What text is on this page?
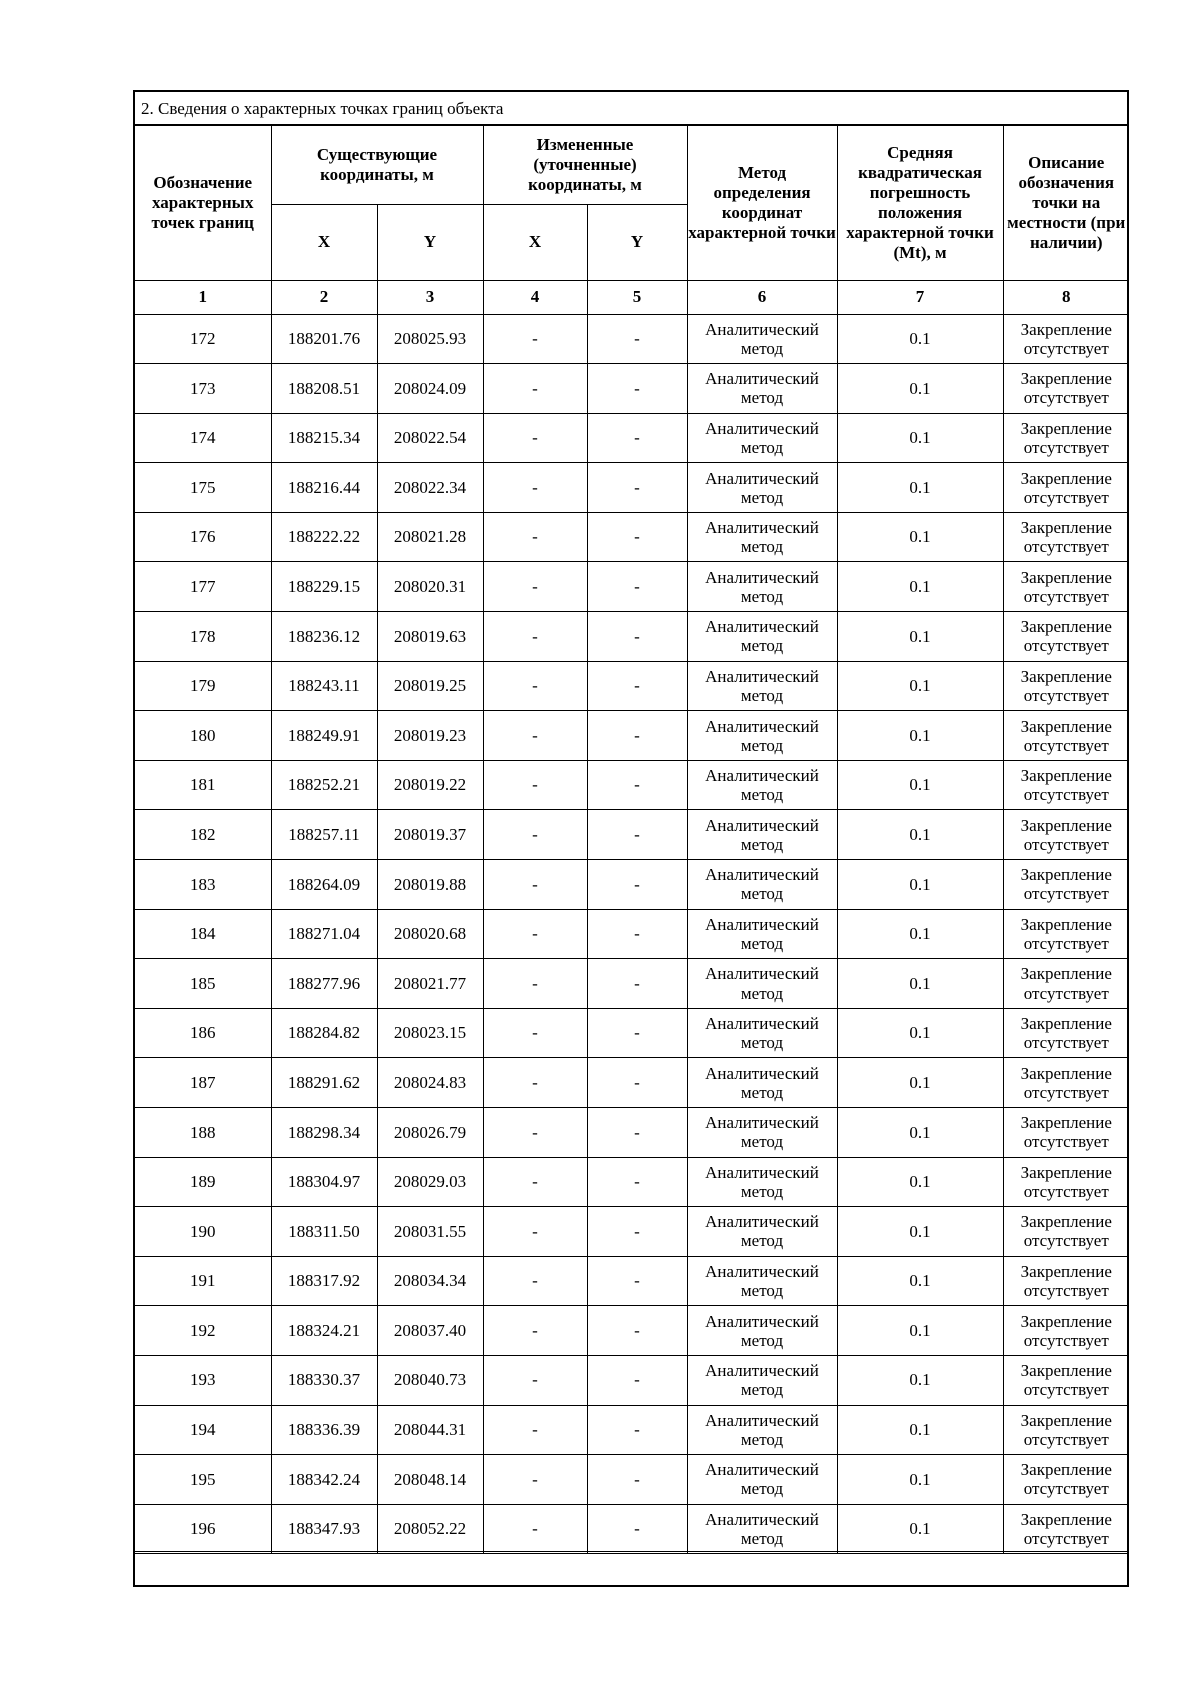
2. Сведения о характерных точках границ объекта
Обозначение характерных точек границ	Существующие координаты, м		Измененные (уточненные) координаты, м		Метод определения координат характерной точки	Средняя квадратическая погрешность положения характерной точки (Mt), м	Описание обозначения точки на местности (при наличии)
	X	Y	X	Y			
1	2	3	4	5	6	7	8
172	188201.76	208025.93	-	-	Аналитический метод	0.1	Закрепление отсутствует
173	188208.51	208024.09	-	-	Аналитический метод	0.1	Закрепление отсутствует
174	188215.34	208022.54	-	-	Аналитический метод	0.1	Закрепление отсутствует
175	188216.44	208022.34	-	-	Аналитический метод	0.1	Закрепление отсутствует
176	188222.22	208021.28	-	-	Аналитический метод	0.1	Закрепление отсутствует
177	188229.15	208020.31	-	-	Аналитический метод	0.1	Закрепление отсутствует
178	188236.12	208019.63	-	-	Аналитический метод	0.1	Закрепление отсутствует
179	188243.11	208019.25	-	-	Аналитический метод	0.1	Закрепление отсутствует
180	188249.91	208019.23	-	-	Аналитический метод	0.1	Закрепление отсутствует
181	188252.21	208019.22	-	-	Аналитический метод	0.1	Закрепление отсутствует
182	188257.11	208019.37	-	-	Аналитический метод	0.1	Закрепление отсутствует
183	188264.09	208019.88	-	-	Аналитический метод	0.1	Закрепление отсутствует
184	188271.04	208020.68	-	-	Аналитический метод	0.1	Закрепление отсутствует
185	188277.96	208021.77	-	-	Аналитический метод	0.1	Закрепление отсутствует
186	188284.82	208023.15	-	-	Аналитический метод	0.1	Закрепление отсутствует
187	188291.62	208024.83	-	-	Аналитический метод	0.1	Закрепление отсутствует
188	188298.34	208026.79	-	-	Аналитический метод	0.1	Закрепление отсутствует
189	188304.97	208029.03	-	-	Аналитический метод	0.1	Закрепление отсутствует
190	188311.50	208031.55	-	-	Аналитический метод	0.1	Закрепление отсутствует
191	188317.92	208034.34	-	-	Аналитический метод	0.1	Закрепление отсутствует
192	188324.21	208037.40	-	-	Аналитический метод	0.1	Закрепление отсутствует
193	188330.37	208040.73	-	-	Аналитический метод	0.1	Закрепление отсутствует
194	188336.39	208044.31	-	-	Аналитический метод	0.1	Закрепление отсутствует
195	188342.24	208048.14	-	-	Аналитический метод	0.1	Закрепление отсутствует
196	188347.93	208052.22	-	-	Аналитический метод	0.1	Закрепление отсутствует
